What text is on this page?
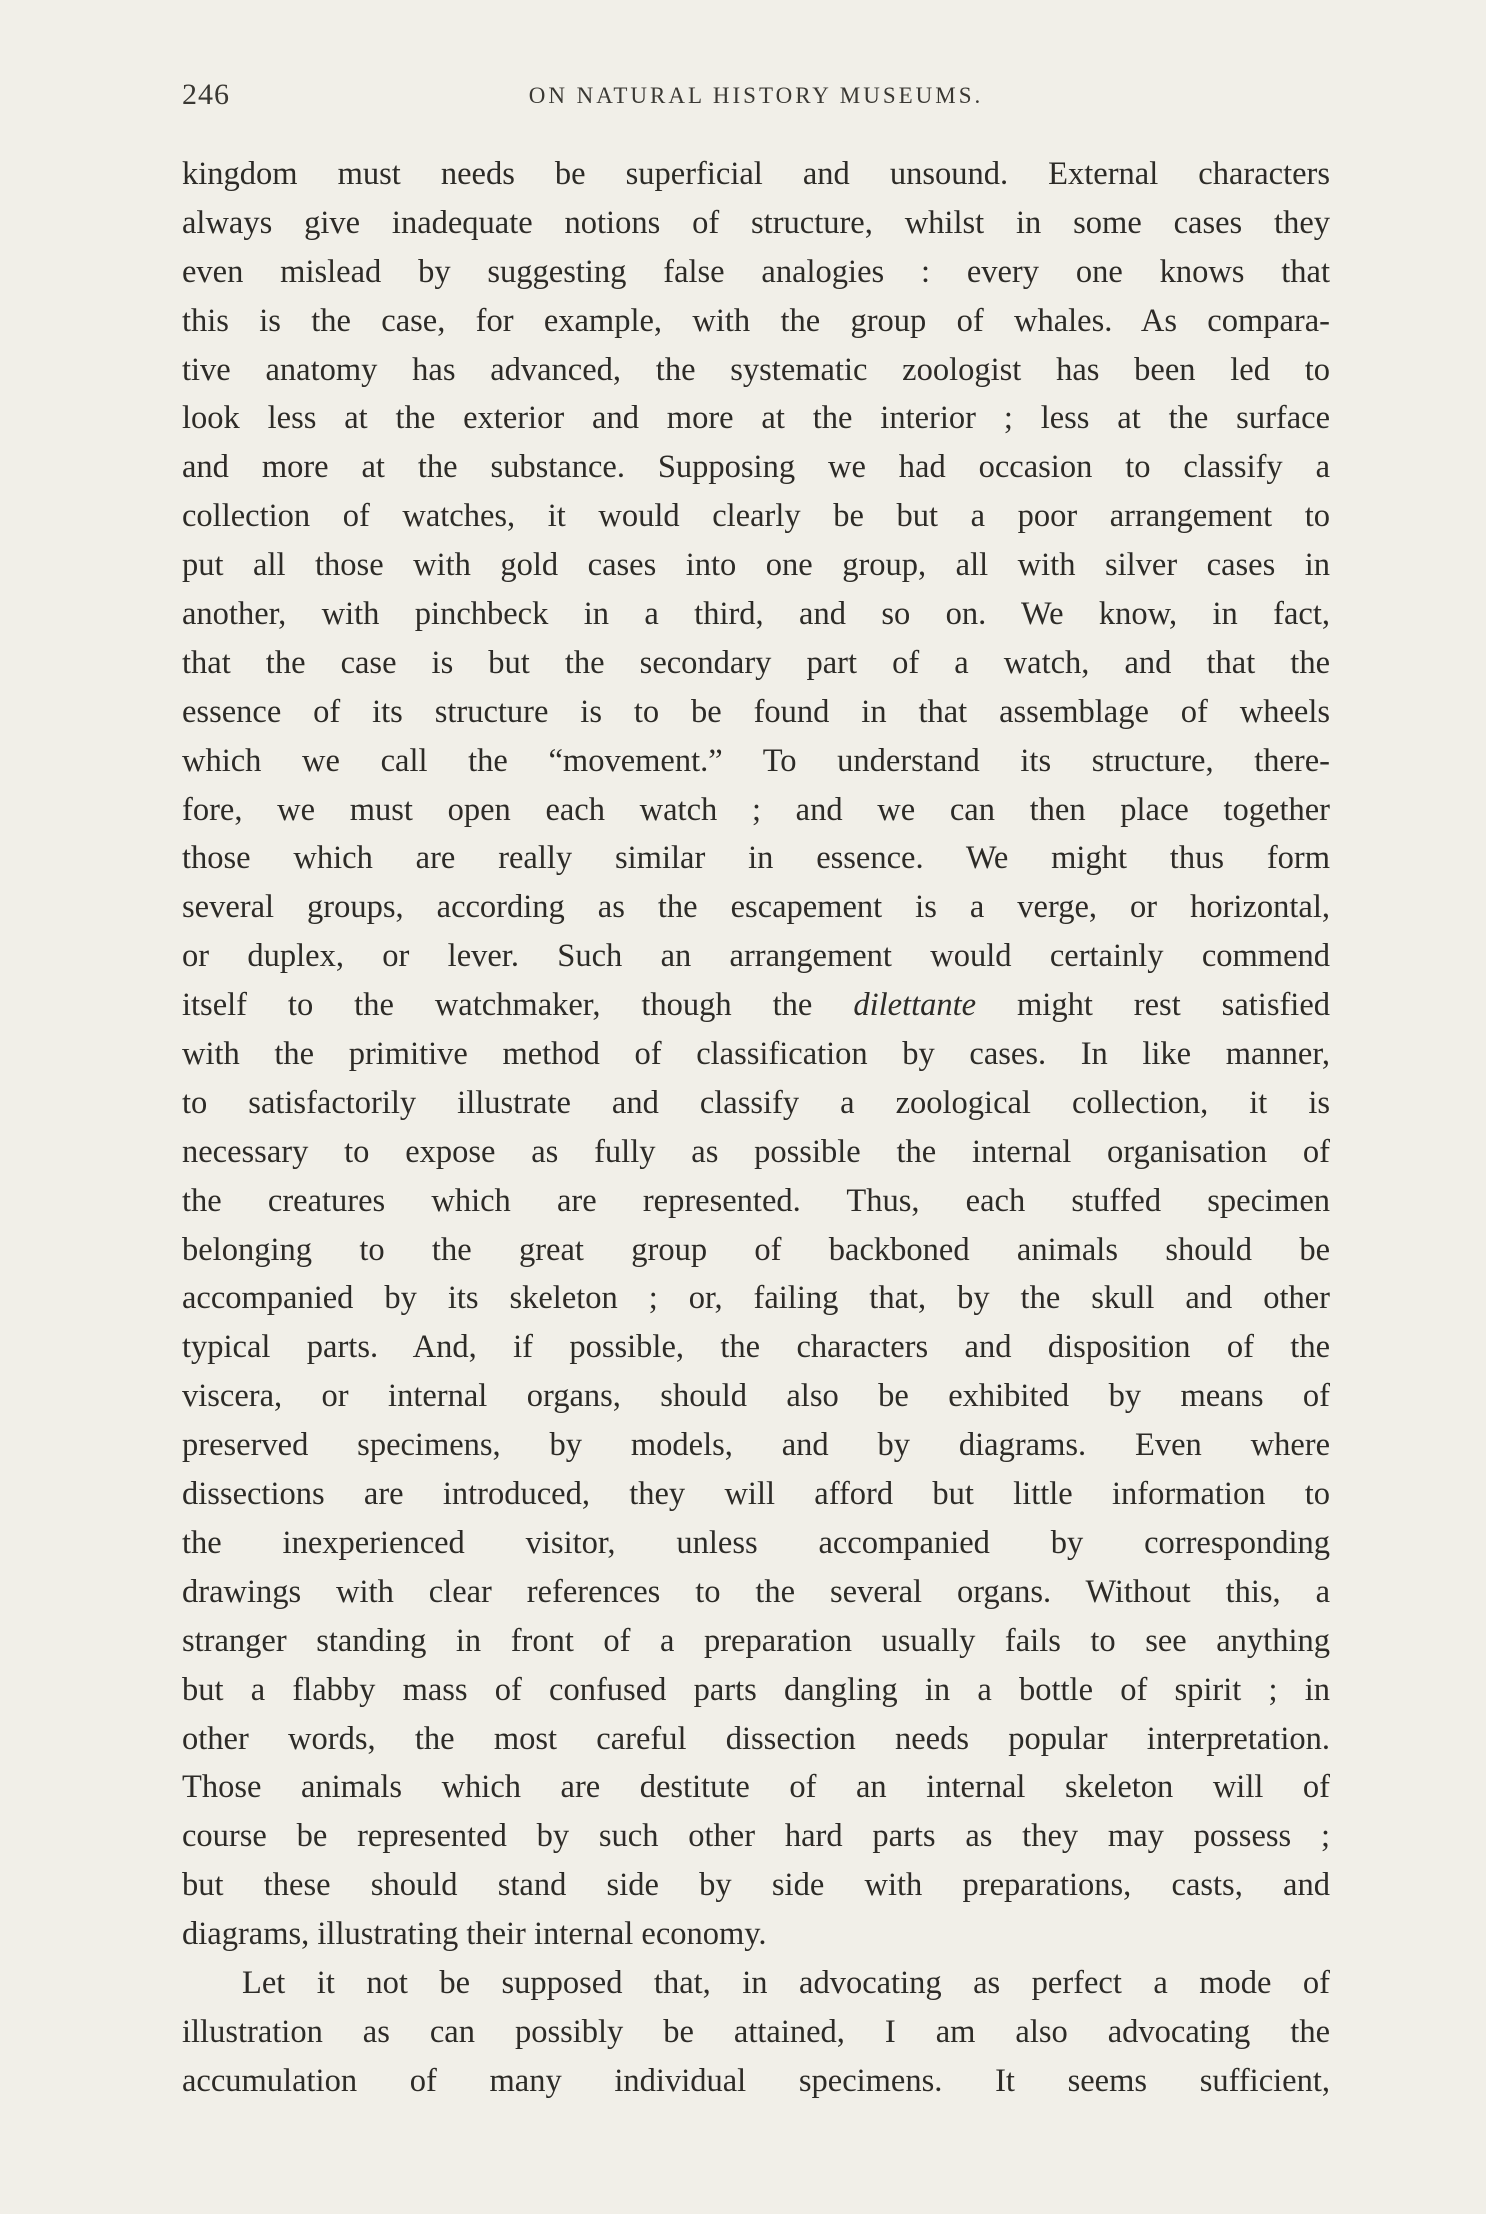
246	ON NATURAL HISTORY MUSEUMS.
kingdom must needs be superficial and unsound. External characters
always give inadequate notions of structure, whilst in some cases they
even mislead by suggesting false analogies : every one knows that
this is the case, for example, with the group of whales. As compara-
tive anatomy has advanced, the systematic zoologist has been led to
look less at the exterior and more at the interior ; less at the surface
and more at the substance. Supposing we had occasion to classify a
collection of watches, it would clearly be but a poor arrangement to
put all those with gold cases into one group, all with silver cases in
another, with pinchbeck in a third, and so on. We know, in fact,
that the case is but the secondary part of a watch, and that the
essence of its structure is to be found in that assemblage of wheels
which we call the “movement.” To understand its structure, there-
fore, we must open each watch ; and we can then place together
those which are really similar in essence. We might thus form
several groups, according as the escapement is a verge, or horizontal,
or duplex, or lever. Such an arrangement would certainly commend
itself to the watchmaker, though the dilettante might rest satisfied
with the primitive method of classification by cases. In like manner,
to satisfactorily illustrate and classify a zoological collection, it is
necessary to expose as fully as possible the internal organisation of
the creatures which are represented. Thus, each stuffed specimen
belonging to the great group of backboned animals should be
accompanied by its skeleton ; or, failing that, by the skull and other
typical parts. And, if possible, the characters and disposition of the
viscera, or internal organs, should also be exhibited by means of
preserved specimens, by models, and by diagrams. Even where
dissections are introduced, they will afford but little information to
the inexperienced visitor, unless accompanied by corresponding
drawings with clear references to the several organs. Without this, a
stranger standing in front of a preparation usually fails to see anything
but a flabby mass of confused parts dangling in a bottle of spirit ; in
other words, the most careful dissection needs popular interpretation.
Those animals which are destitute of an internal skeleton will of
course be represented by such other hard parts as they may possess ;
but these should stand side by side with preparations, casts, and
diagrams, illustrating their internal economy.
Let it not be supposed that, in advocating as perfect a mode of
illustration as can possibly be attained, I am also advocating the
accumulation of many individual specimens. It seems sufficient,
